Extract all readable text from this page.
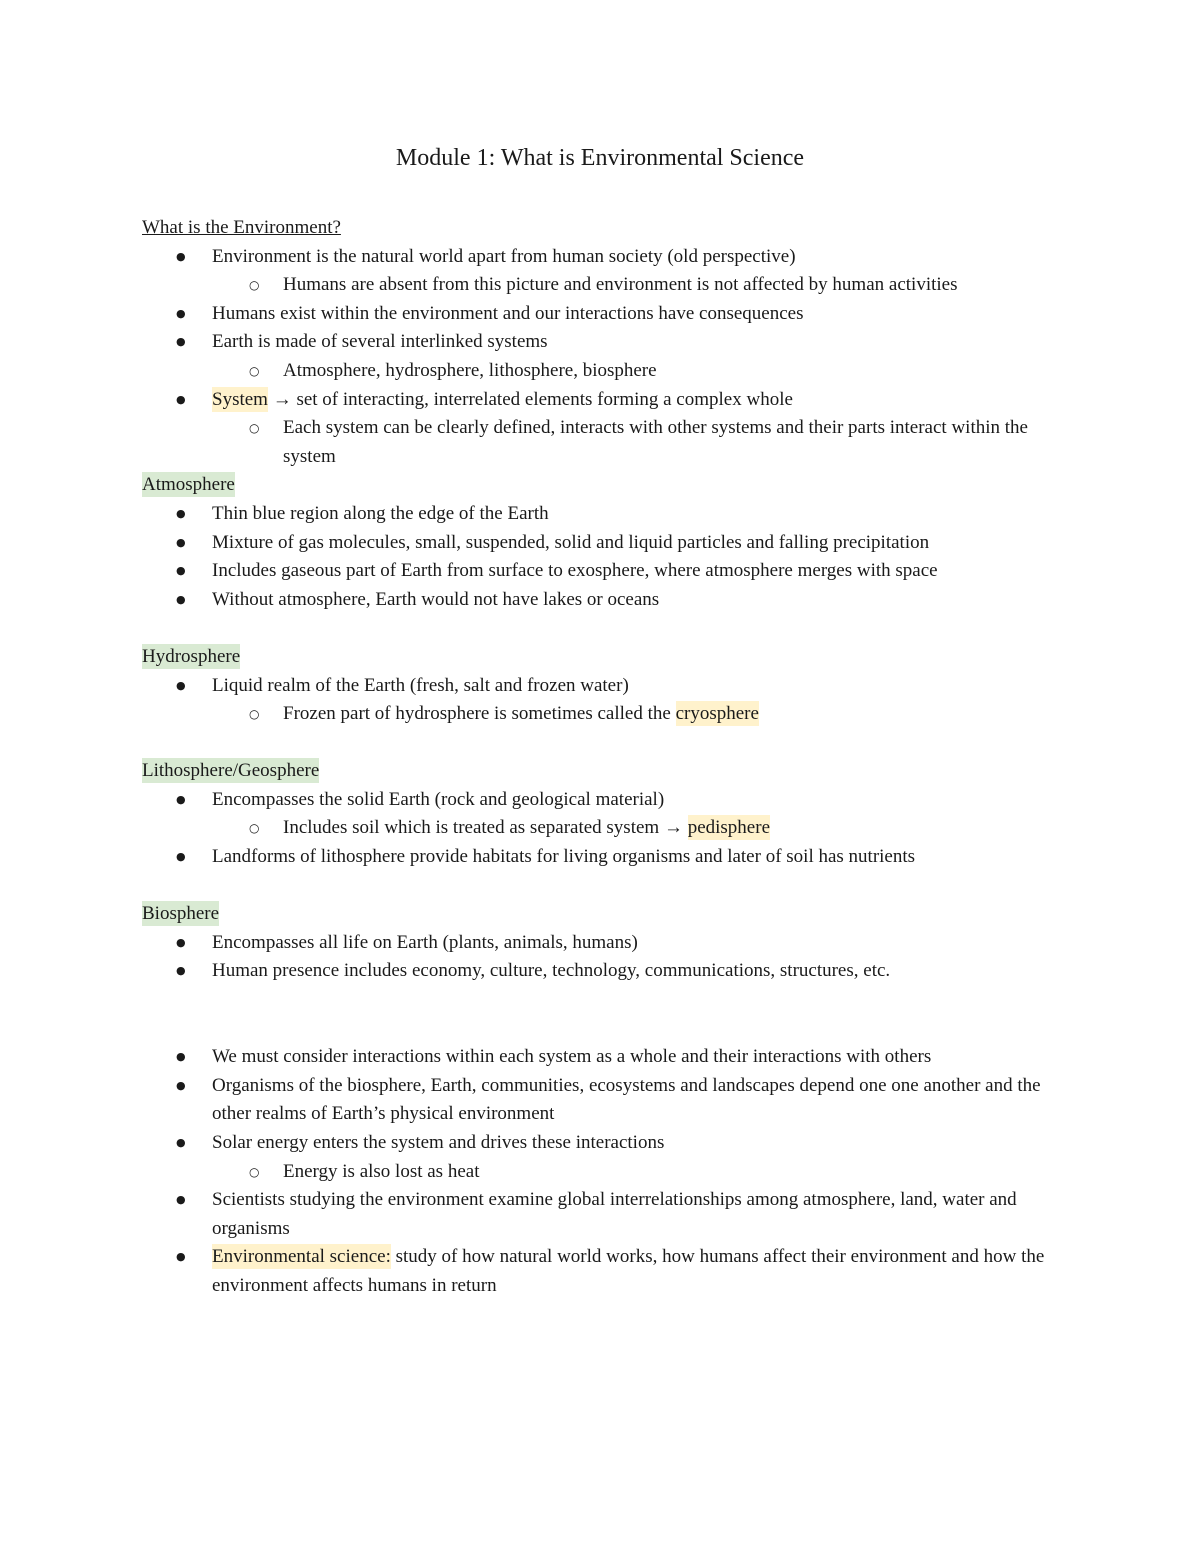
Module 1: What is Environmental Science
What is the Environment?
● Environment is the natural world apart from human society (old perspective)
○ Humans are absent from this picture and environment is not affected by human activities
● Humans exist within the environment and our interactions have consequences
● Earth is made of several interlinked systems
○ Atmosphere, hydrosphere, lithosphere, biosphere
● System → set of interacting, interrelated elements forming a complex whole
○ Each system can be clearly defined, interacts with other systems and their parts interact within the system
Atmosphere
● Thin blue region along the edge of the Earth
● Mixture of gas molecules, small, suspended, solid and liquid particles and falling precipitation
● Includes gaseous part of Earth from surface to exosphere, where atmosphere merges with space
● Without atmosphere, Earth would not have lakes or oceans
Hydrosphere
● Liquid realm of the Earth (fresh, salt and frozen water)
○ Frozen part of hydrosphere is sometimes called the cryosphere
Lithosphere/Geosphere
● Encompasses the solid Earth (rock and geological material)
○ Includes soil which is treated as separated system → pedisphere
● Landforms of lithosphere provide habitats for living organisms and later of soil has nutrients
Biosphere
● Encompasses all life on Earth (plants, animals, humans)
● Human presence includes economy, culture, technology, communications, structures, etc.
● We must consider interactions within each system as a whole and their interactions with others
● Organisms of the biosphere, Earth, communities, ecosystems and landscapes depend one one another and the other realms of Earth’s physical environment
● Solar energy enters the system and drives these interactions
○ Energy is also lost as heat
● Scientists studying the environment examine global interrelationships among atmosphere, land, water and organisms
● Environmental science: study of how natural world works, how humans affect their environment and how the environment affects humans in return
